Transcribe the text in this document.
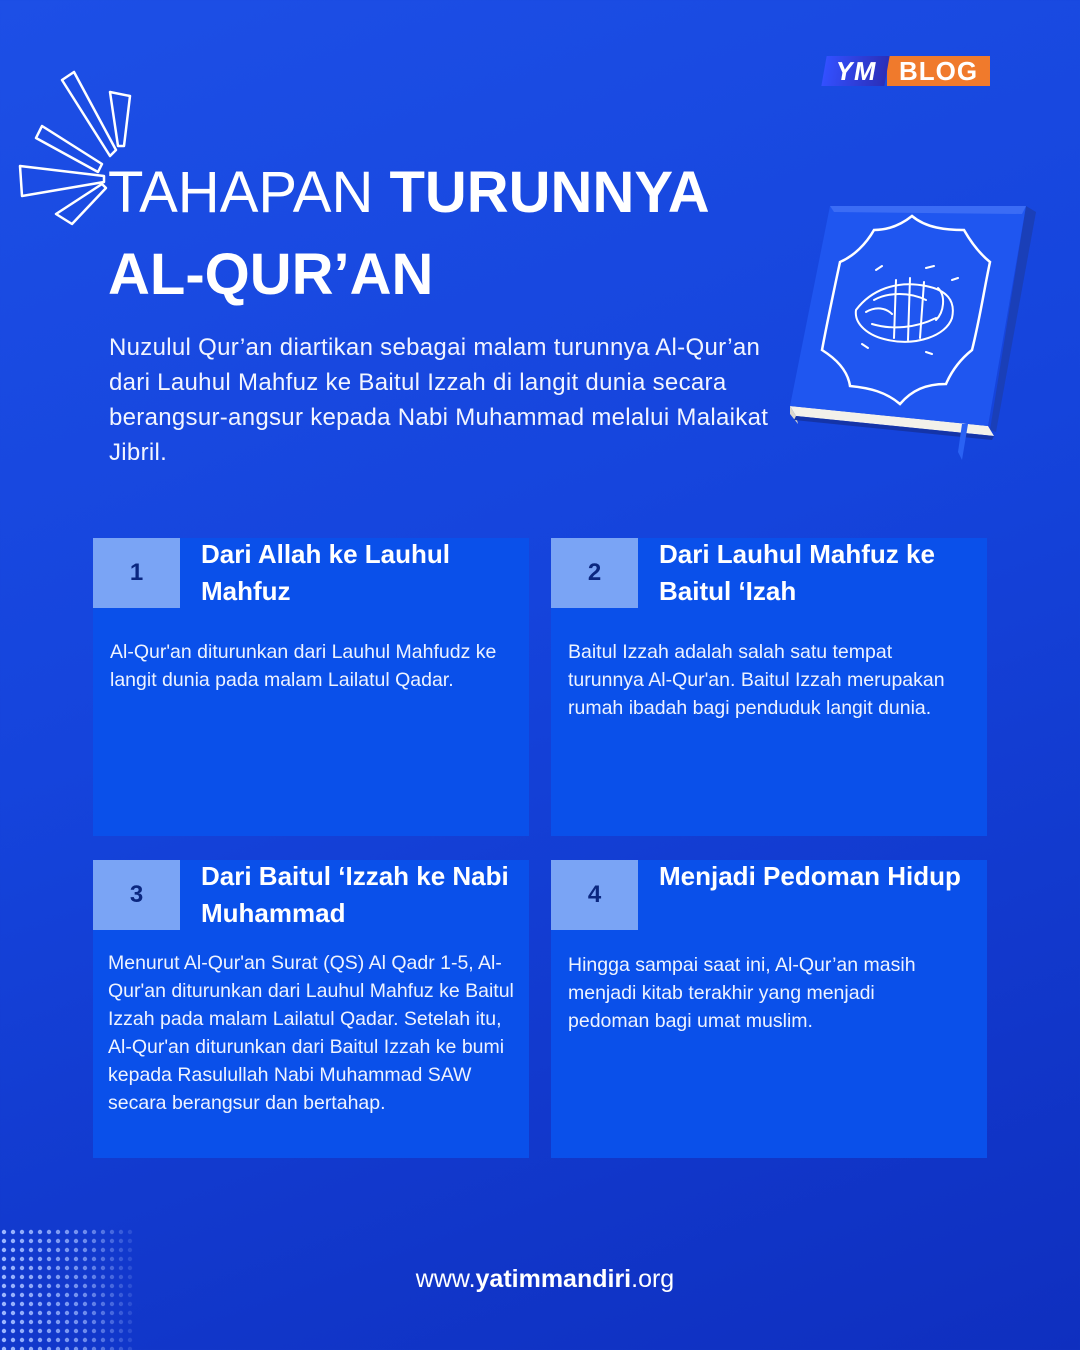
YM BLOG
TAHAPAN TURUNNYA
AL-QUR’AN
Nuzulul Qur’an diartikan sebagai malam turunnya Al-Qur’an dari Lauhul Mahfuz ke Baitul Izzah di langit dunia secara berangsur-angsur kepada Nabi Muhammad melalui Malaikat Jibril.
1
Dari Allah ke Lauhul Mahfuz
Al-Qur'an diturunkan dari Lauhul Mahfudz ke langit dunia pada malam Lailatul Qadar.
2
Dari Lauhul Mahfuz ke Baitul ‘Izah
Baitul Izzah adalah salah satu tempat turunnya Al-Qur'an. Baitul Izzah merupakan rumah ibadah bagi penduduk langit dunia.
3
Dari Baitul ‘Izzah ke Nabi Muhammad
Menurut Al-Qur'an Surat (QS) Al Qadr 1-5, Al-Qur'an diturunkan dari Lauhul Mahfuz ke Baitul Izzah pada malam Lailatul Qadar. Setelah itu, Al-Qur'an diturunkan dari Baitul Izzah ke bumi kepada Rasulullah Nabi Muhammad SAW secara berangsur dan bertahap.
4
Menjadi Pedoman Hidup
Hingga sampai saat ini, Al-Qur’an masih menjadi kitab terakhir yang menjadi pedoman bagi umat muslim.
www.yatimmandiri.org
